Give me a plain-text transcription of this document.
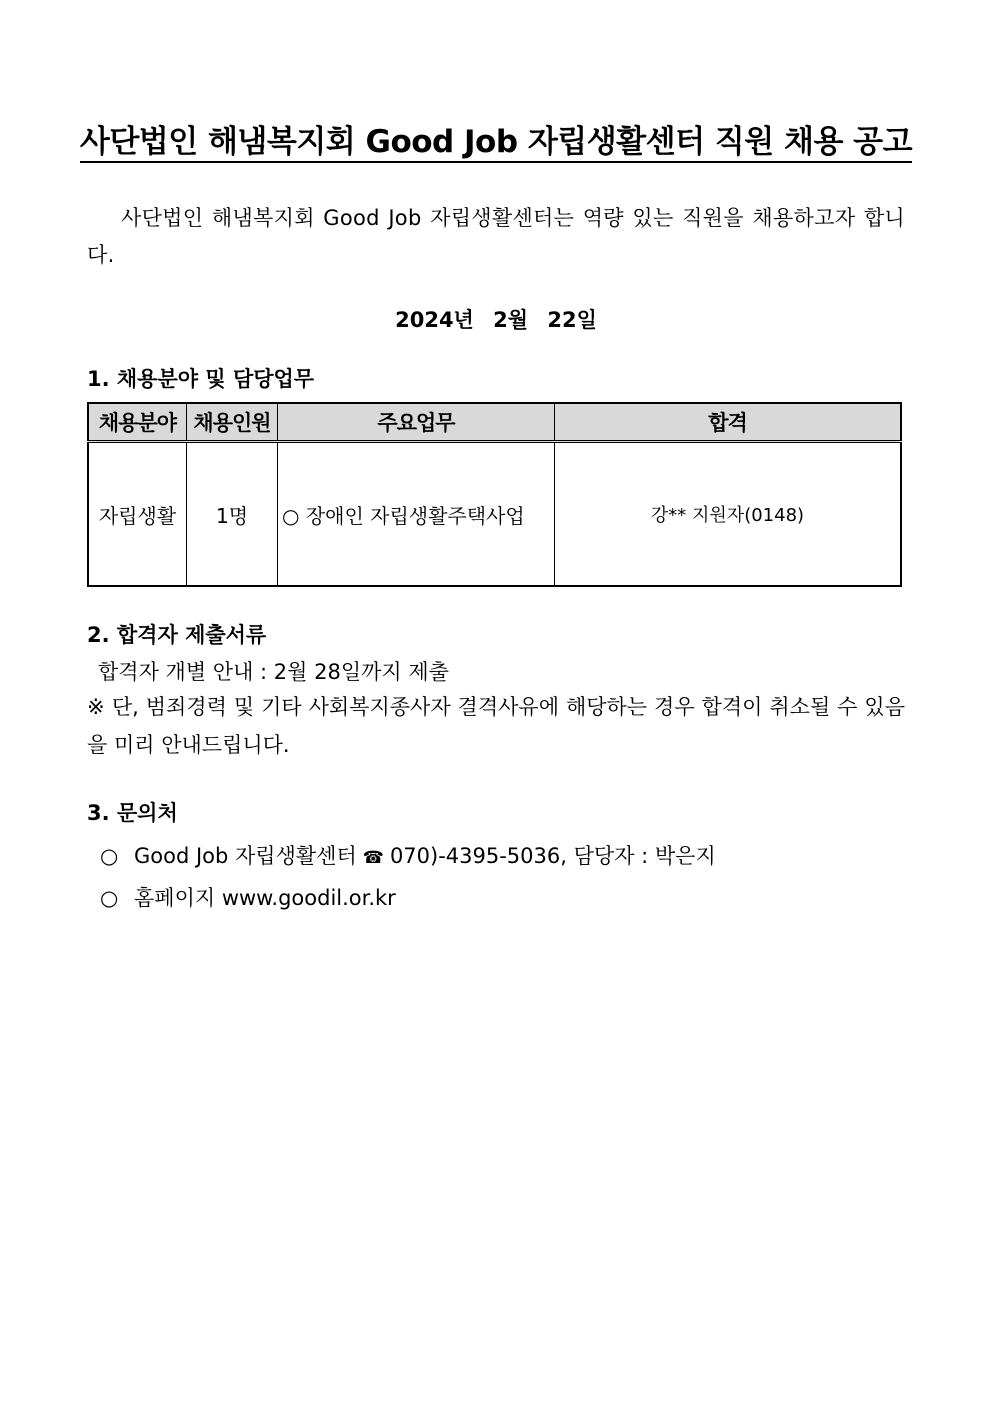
사단법인 해냄복지회 Good Job 자립생활센터 직원 채용 공고
사단법인 해냄복지회 Good Job 자립생활센터는 역량 있는 직원을 채용하고자 합니다.
2024년 2월 22일
1. 채용분야 및 담당업무
채용분야	채용인원	주요업무	합격
자립생활	1명	○ 장애인 자립생활주택사업	강** 지원자(0148)
2. 합격자 제출서류
합격자 개별 안내 : 2월 28일까지 제출
※ 단, 범죄경력 및 기타 사회복지종사자 결격사유에 해당하는 경우 합격이 취소될 수 있음을 미리 안내드립니다.
3. 문의처
○ Good Job 자립생활센터 ☎ 070)-4395-5036, 담당자 : 박은지
○ 홈페이지 www.goodil.or.kr
